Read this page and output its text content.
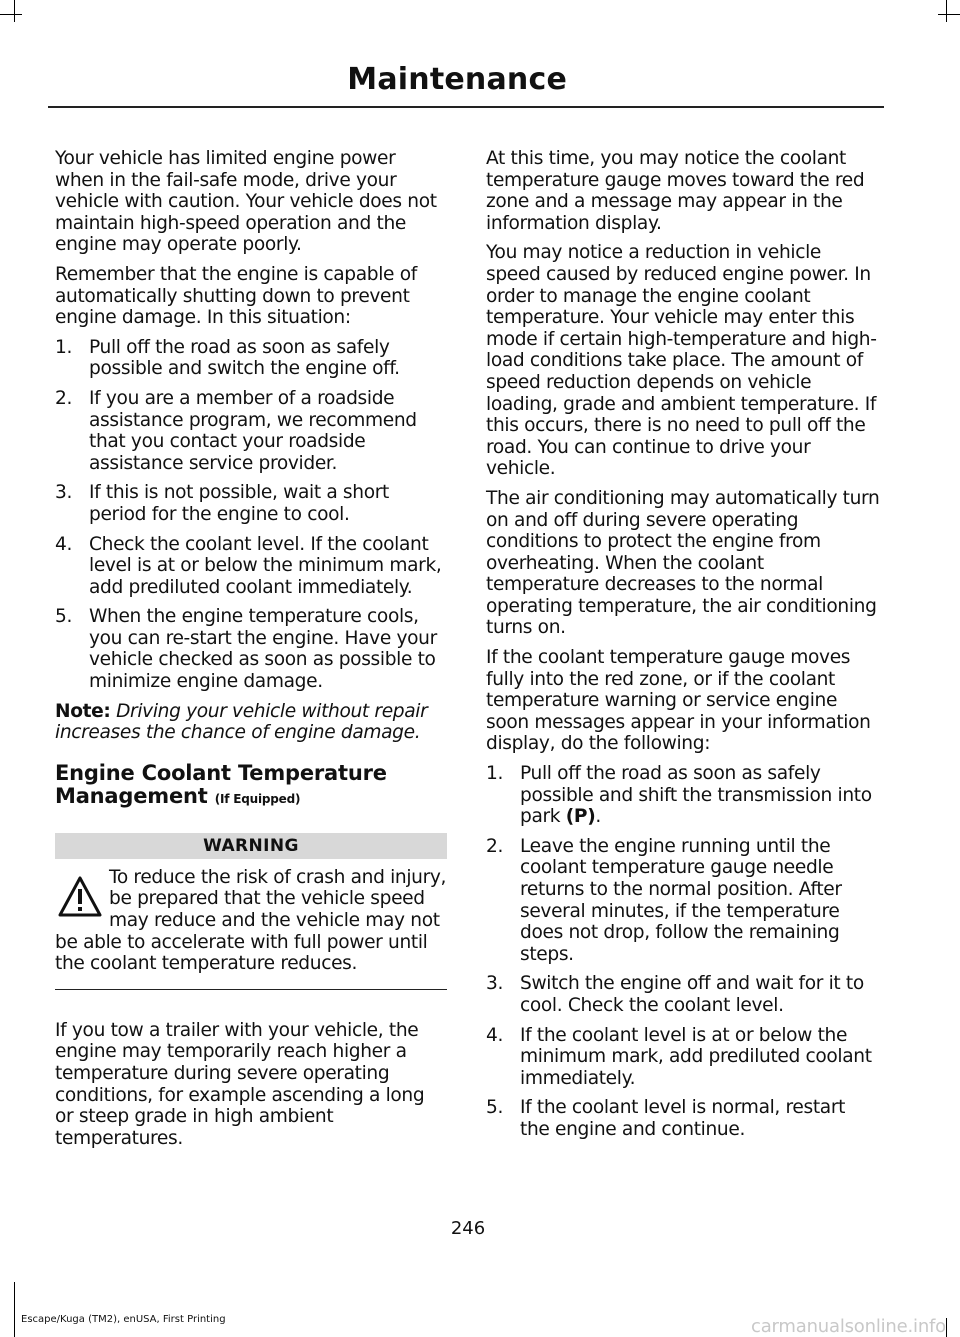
Maintenance

Your vehicle has limited engine power when in the fail-safe mode, drive your vehicle with caution. Your vehicle does not maintain high-speed operation and the engine may operate poorly.

Remember that the engine is capable of automatically shutting down to prevent engine damage. In this situation:

1. Pull off the road as soon as safely possible and switch the engine off.
2. If you are a member of a roadside assistance program, we recommend that you contact your roadside assistance service provider.
3. If this is not possible, wait a short period for the engine to cool.
4. Check the coolant level. If the coolant level is at or below the minimum mark, add prediluted coolant immediately.
5. When the engine temperature cools, you can re-start the engine. Have your vehicle checked as soon as possible to minimize engine damage.

Note: Driving your vehicle without repair increases the chance of engine damage.

Engine Coolant Temperature
Management (If Equipped)
WARNING

To reduce the risk of crash and injury, be prepared that the vehicle speed may reduce and the vehicle may not be able to accelerate with full power until the coolant temperature reduces.

If you tow a trailer with your vehicle, the engine may temporarily reach higher a temperature during severe operating conditions, for example ascending a long or steep grade in high ambient temperatures.

At this time, you may notice the coolant temperature gauge moves toward the red zone and a message may appear in the information display.

You may notice a reduction in vehicle speed caused by reduced engine power. In order to manage the engine coolant temperature. Your vehicle may enter this mode if certain high-temperature and high-load conditions take place. The amount of speed reduction depends on vehicle loading, grade and ambient temperature. If this occurs, there is no need to pull off the road. You can continue to drive your vehicle.

The air conditioning may automatically turn on and off during severe operating conditions to protect the engine from overheating. When the coolant temperature decreases to the normal operating temperature, the air conditioning turns on.

If the coolant temperature gauge moves fully into the red zone, or if the coolant temperature warning or service engine soon messages appear in your information display, do the following:

1. Pull off the road as soon as safely possible and shift the transmission into park (P).
2. Leave the engine running until the coolant temperature gauge needle returns to the normal position. After several minutes, if the temperature does not drop, follow the remaining steps.
3. Switch the engine off and wait for it to cool. Check the coolant level.
4. If the coolant level is at or below the minimum mark, add prediluted coolant immediately.
5. If the coolant level is normal, restart the engine and continue.
246
Escape/Kuga (TM2), enUSA, First Printing	carmanualsonline.info
